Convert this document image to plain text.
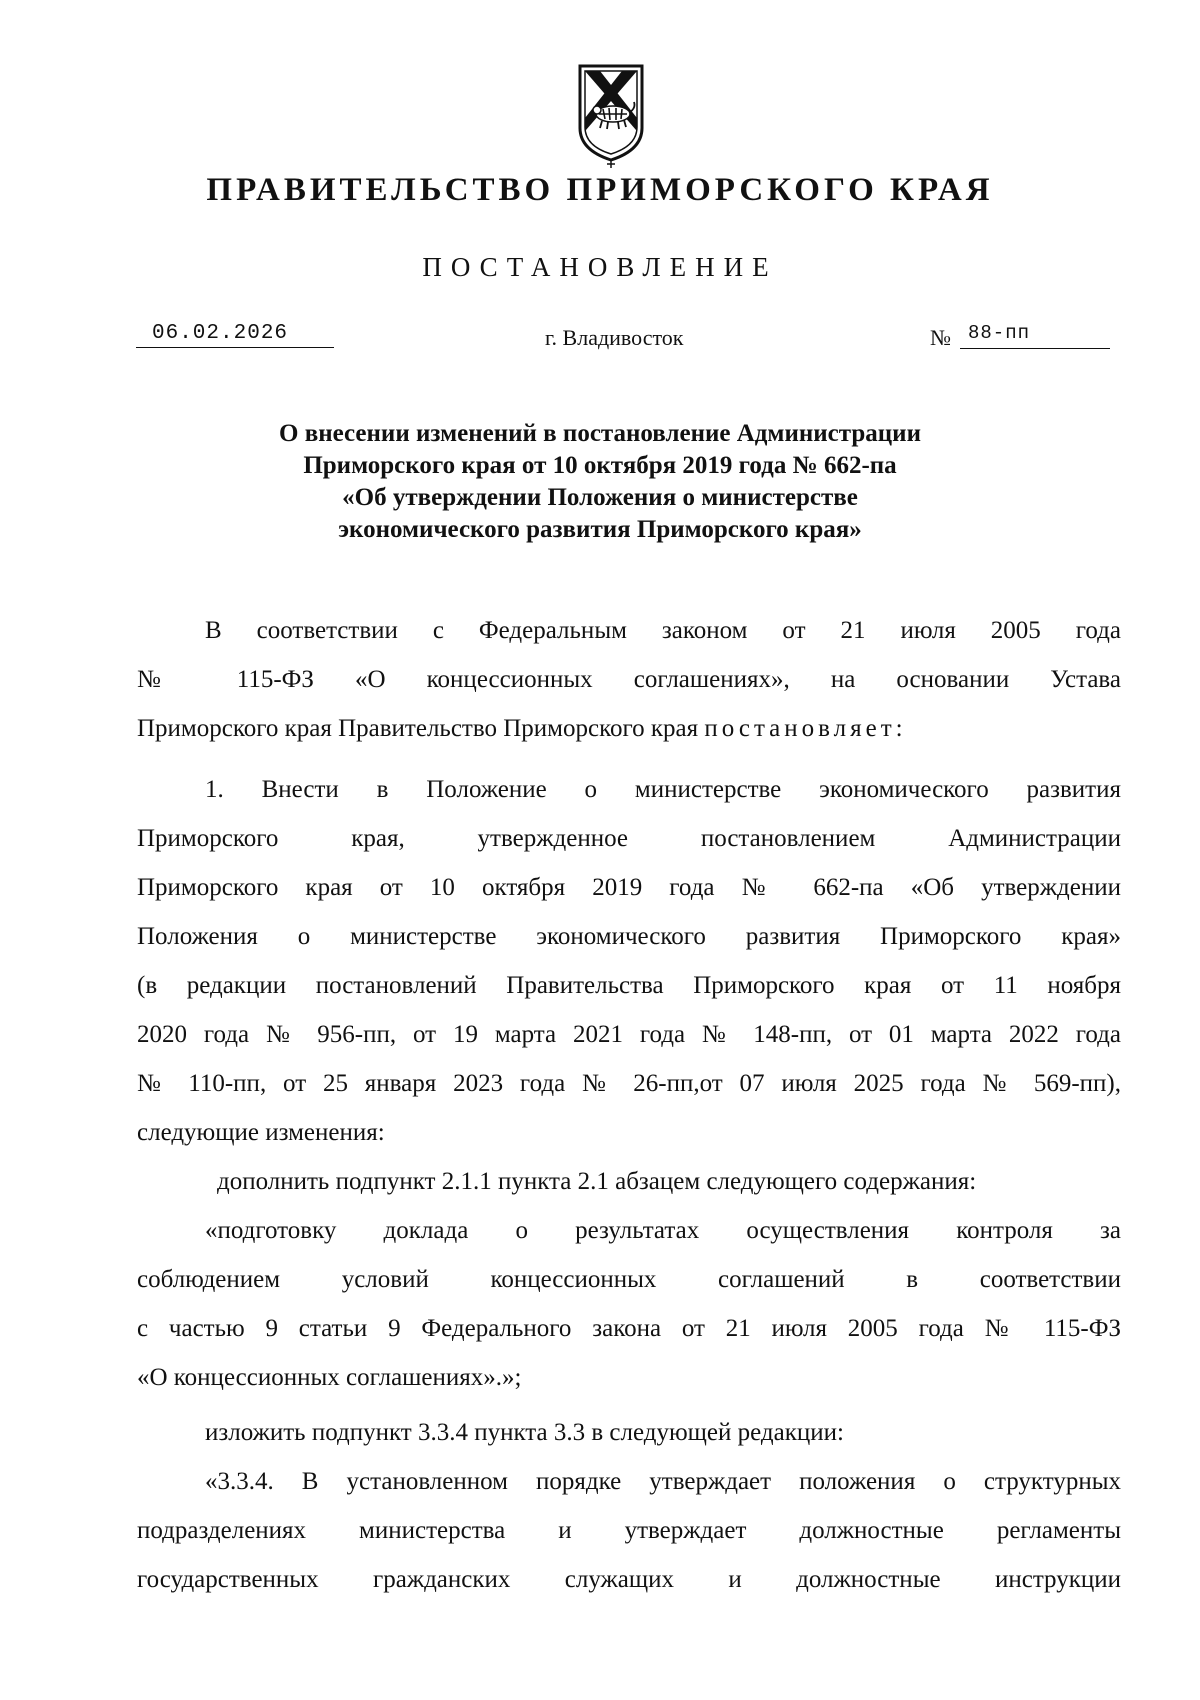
ПРАВИТЕЛЬСТВО ПРИМОРСКОГО КРАЯ
ПОСТАНОВЛЕНИЕ
06.02.2026	г. Владивосток	№ 88-пп
О внесении изменений в постановление Администрации
Приморского края от 10 октября 2019 года № 662-па
«Об утверждении Положения о министерстве
экономического развития Приморского края»
В соответствии с Федеральным законом от 21 июля 2005 года
№ 115-ФЗ «О концессионных соглашениях», на основании Устава
Приморского края Правительство Приморского края постановляет:
1. Внести в Положение о министерстве экономического развития
Приморского края, утвержденное постановлением Администрации
Приморского края от 10 октября 2019 года № 662-па «Об утверждении
Положения о министерстве экономического развития Приморского края»
(в редакции постановлений Правительства Приморского края от 11 ноября
2020 года № 956-пп, от 19 марта 2021 года № 148-пп, от 01 марта 2022 года
№ 110-пп, от 25 января 2023 года № 26-пп,от 07 июля 2025 года № 569-пп),
следующие изменения:
дополнить подпункт 2.1.1 пункта 2.1 абзацем следующего содержания:
«подготовку доклада о результатах осуществления контроля за
соблюдением условий концессионных соглашений в соответствии
с частью 9 статьи 9 Федерального закона от 21 июля 2005 года № 115-ФЗ
«О концессионных соглашениях».»;
изложить подпункт 3.3.4 пункта 3.3 в следующей редакции:
«3.3.4. В установленном порядке утверждает положения о структурных
подразделениях министерства и утверждает должностные регламенты
государственных гражданских служащих и должностные инструкции
